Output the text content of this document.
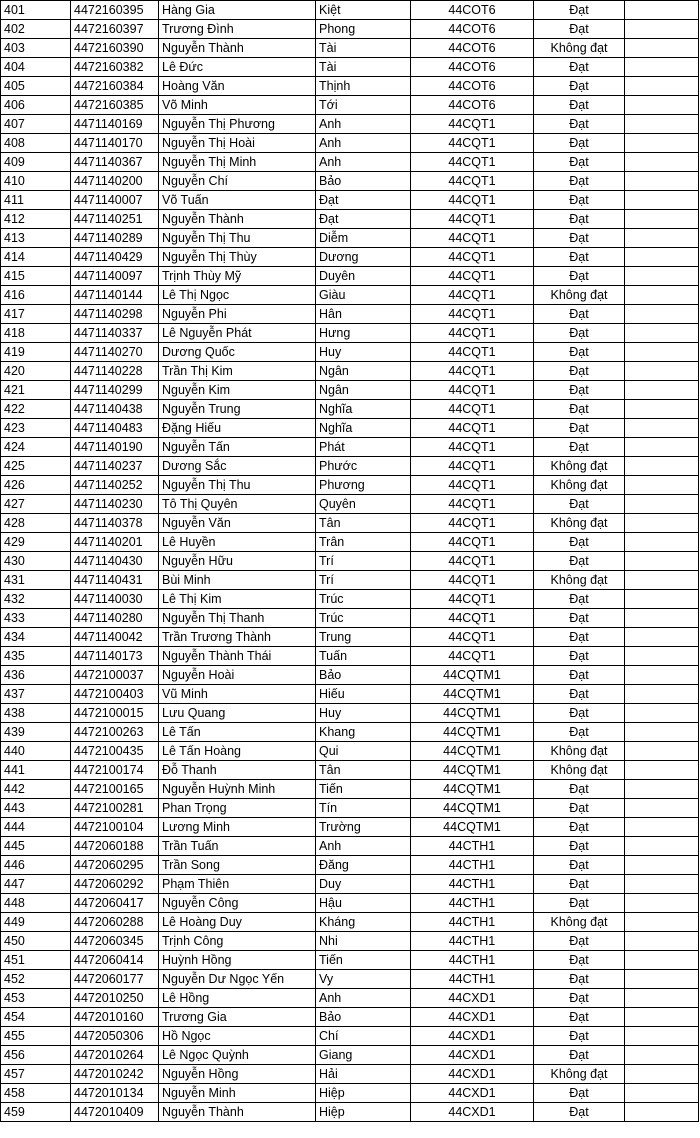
401	4472160395	Hàng Gia	Kiệt	44COT6	Đạt	
402	4472160397	Trương Đình	Phong	44COT6	Đạt	
403	4472160390	Nguyễn Thành	Tài	44COT6	Không đạt	
404	4472160382	Lê Đức	Tài	44COT6	Đạt	
405	4472160384	Hoàng Văn	Thịnh	44COT6	Đạt	
406	4472160385	Võ Minh	Tới	44COT6	Đạt	
407	4471140169	Nguyễn Thị Phương	Anh	44CQT1	Đạt	
408	4471140170	Nguyễn Thị Hoài	Anh	44CQT1	Đạt	
409	4471140367	Nguyễn Thị Minh	Anh	44CQT1	Đạt	
410	4471140200	Nguyễn Chí	Bảo	44CQT1	Đạt	
411	4471140007	Võ Tuấn	Đạt	44CQT1	Đạt	
412	4471140251	Nguyễn Thành	Đạt	44CQT1	Đạt	
413	4471140289	Nguyễn Thị Thu	Diễm	44CQT1	Đạt	
414	4471140429	Nguyễn Thị Thùy	Dương	44CQT1	Đạt	
415	4471140097	Trịnh Thùy Mỹ	Duyên	44CQT1	Đạt	
416	4471140144	Lê Thị Ngọc	Giàu	44CQT1	Không đạt	
417	4471140298	Nguyễn Phi	Hân	44CQT1	Đạt	
418	4471140337	Lê Nguyễn Phát	Hưng	44CQT1	Đạt	
419	4471140270	Dương Quốc	Huy	44CQT1	Đạt	
420	4471140228	Trần Thị Kim	Ngân	44CQT1	Đạt	
421	4471140299	Nguyễn Kim	Ngân	44CQT1	Đạt	
422	4471140438	Nguyễn Trung	Nghĩa	44CQT1	Đạt	
423	4471140483	Đặng Hiếu	Nghĩa	44CQT1	Đạt	
424	4471140190	Nguyễn Tấn	Phát	44CQT1	Đạt	
425	4471140237	Dương Sắc	Phước	44CQT1	Không đạt	
426	4471140252	Nguyễn Thị Thu	Phương	44CQT1	Không đạt	
427	4471140230	Tô Thị Quyên	Quyên	44CQT1	Đạt	
428	4471140378	Nguyễn Văn	Tân	44CQT1	Không đạt	
429	4471140201	Lê Huyền	Trân	44CQT1	Đạt	
430	4471140430	Nguyễn Hữu	Trí	44CQT1	Đạt	
431	4471140431	Bùi Minh	Trí	44CQT1	Không đạt	
432	4471140030	Lê Thị Kim	Trúc	44CQT1	Đạt	
433	4471140280	Nguyễn Thị Thanh	Trúc	44CQT1	Đạt	
434	4471140042	Trần Trương Thành	Trung	44CQT1	Đạt	
435	4471140173	Nguyễn Thành Thái	Tuấn	44CQT1	Đạt	
436	4472100037	Nguyễn Hoài	Bảo	44CQTM1	Đạt	
437	4472100403	Vũ Minh	Hiếu	44CQTM1	Đạt	
438	4472100015	Lưu Quang	Huy	44CQTM1	Đạt	
439	4472100263	Lê Tấn	Khang	44CQTM1	Đạt	
440	4472100435	Lê Tấn Hoàng	Qui	44CQTM1	Không đạt	
441	4472100174	Đỗ Thanh	Tân	44CQTM1	Không đạt	
442	4472100165	Nguyễn Huỳnh Minh	Tiến	44CQTM1	Đạt	
443	4472100281	Phan Trọng	Tín	44CQTM1	Đạt	
444	4472100104	Lương Minh	Trường	44CQTM1	Đạt	
445	4472060188	Trần Tuấn	Anh	44CTH1	Đạt	
446	4472060295	Trần Song	Đăng	44CTH1	Đạt	
447	4472060292	Phạm Thiên	Duy	44CTH1	Đạt	
448	4472060417	Nguyễn Công	Hậu	44CTH1	Đạt	
449	4472060288	Lê Hoàng Duy	Kháng	44CTH1	Không đạt	
450	4472060345	Trịnh Công	Nhi	44CTH1	Đạt	
451	4472060414	Huỳnh Hồng	Tiến	44CTH1	Đạt	
452	4472060177	Nguyễn Dư Ngọc Yến	Vy	44CTH1	Đạt	
453	4472010250	Lê Hồng	Anh	44CXD1	Đạt	
454	4472010160	Trương Gia	Bảo	44CXD1	Đạt	
455	4472050306	Hồ Ngọc	Chí	44CXD1	Đạt	
456	4472010264	Lê Ngọc Quỳnh	Giang	44CXD1	Đạt	
457	4472010242	Nguyễn Hồng	Hải	44CXD1	Không đạt	
458	4472010134	Nguyễn Minh	Hiệp	44CXD1	Đạt	
459	4472010409	Nguyễn Thành	Hiệp	44CXD1	Đạt	
